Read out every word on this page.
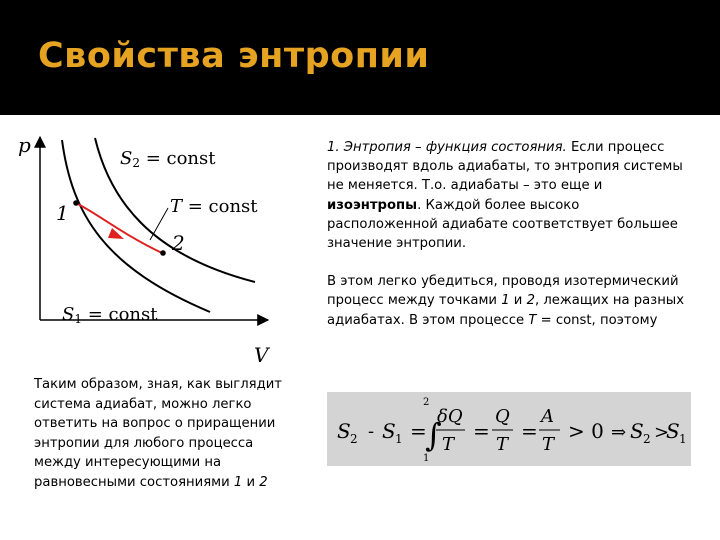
Свойства энтропии
p
V
S2 = const
T = const
S1 = const
1
2

1. Энтропия – функция состояния. Если процесс производят вдоль адиабаты, то энтропия системы не меняется. Т.о. адиабаты – это еще и изоэнтропы. Каждой более высоко расположенной адиабате соответствует большее значение энтропии.

В этом легко убедиться, проводя изотермический процесс между точками 1 и 2, лежащих на разных адиабатах. В этом процессе T = const, поэтому

Таким образом, зная, как выглядит система адиабат, можно легко ответить на вопрос о приращении энтропии для любого процесса между интересующими на равновесными состояниями 1 и 2
S 2 - S 1 =
2
∫
1
δQ
T
=
Q
T
=
A
T
> 0 ⇒ S 2 >
S 1
